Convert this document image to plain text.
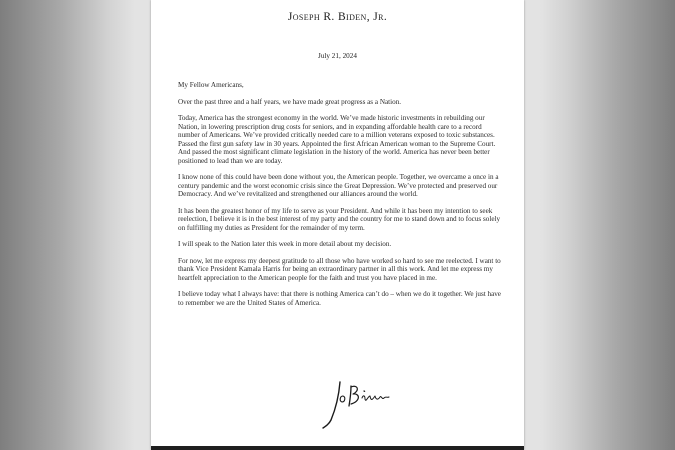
Joseph R. Biden, Jr.

July 21, 2024

My Fellow Americans,

Over the past three and a half years, we have made great progress as a Nation.

Today, America has the strongest economy in the world. We’ve made historic investments in rebuilding our Nation, in lowering prescription drug costs for seniors, and in expanding affordable health care to a record number of Americans. We’ve provided critically needed care to a million veterans exposed to toxic substances. Passed the first gun safety law in 30 years. Appointed the first African American woman to the Supreme Court. And passed the most significant climate legislation in the history of the world. America has never been better positioned to lead than we are today.

I know none of this could have been done without you, the American people. Together, we overcame a once in a century pandemic and the worst economic crisis since the Great Depression. We’ve protected and preserved our Democracy. And we’ve revitalized and strengthened our alliances around the world.

It has been the greatest honor of my life to serve as your President. And while it has been my intention to seek reelection, I believe it is in the best interest of my party and the country for me to stand down and to focus solely on fulfilling my duties as President for the remainder of my term.

I will speak to the Nation later this week in more detail about my decision.

For now, let me express my deepest gratitude to all those who have worked so hard to see me reelected. I want to thank Vice President Kamala Harris for being an extraordinary partner in all this work. And let me express my heartfelt appreciation to the American people for the faith and trust you have placed in me.

I believe today what I always have: that there is nothing America can’t do – when we do it together. We just have to remember we are the United States of America.
